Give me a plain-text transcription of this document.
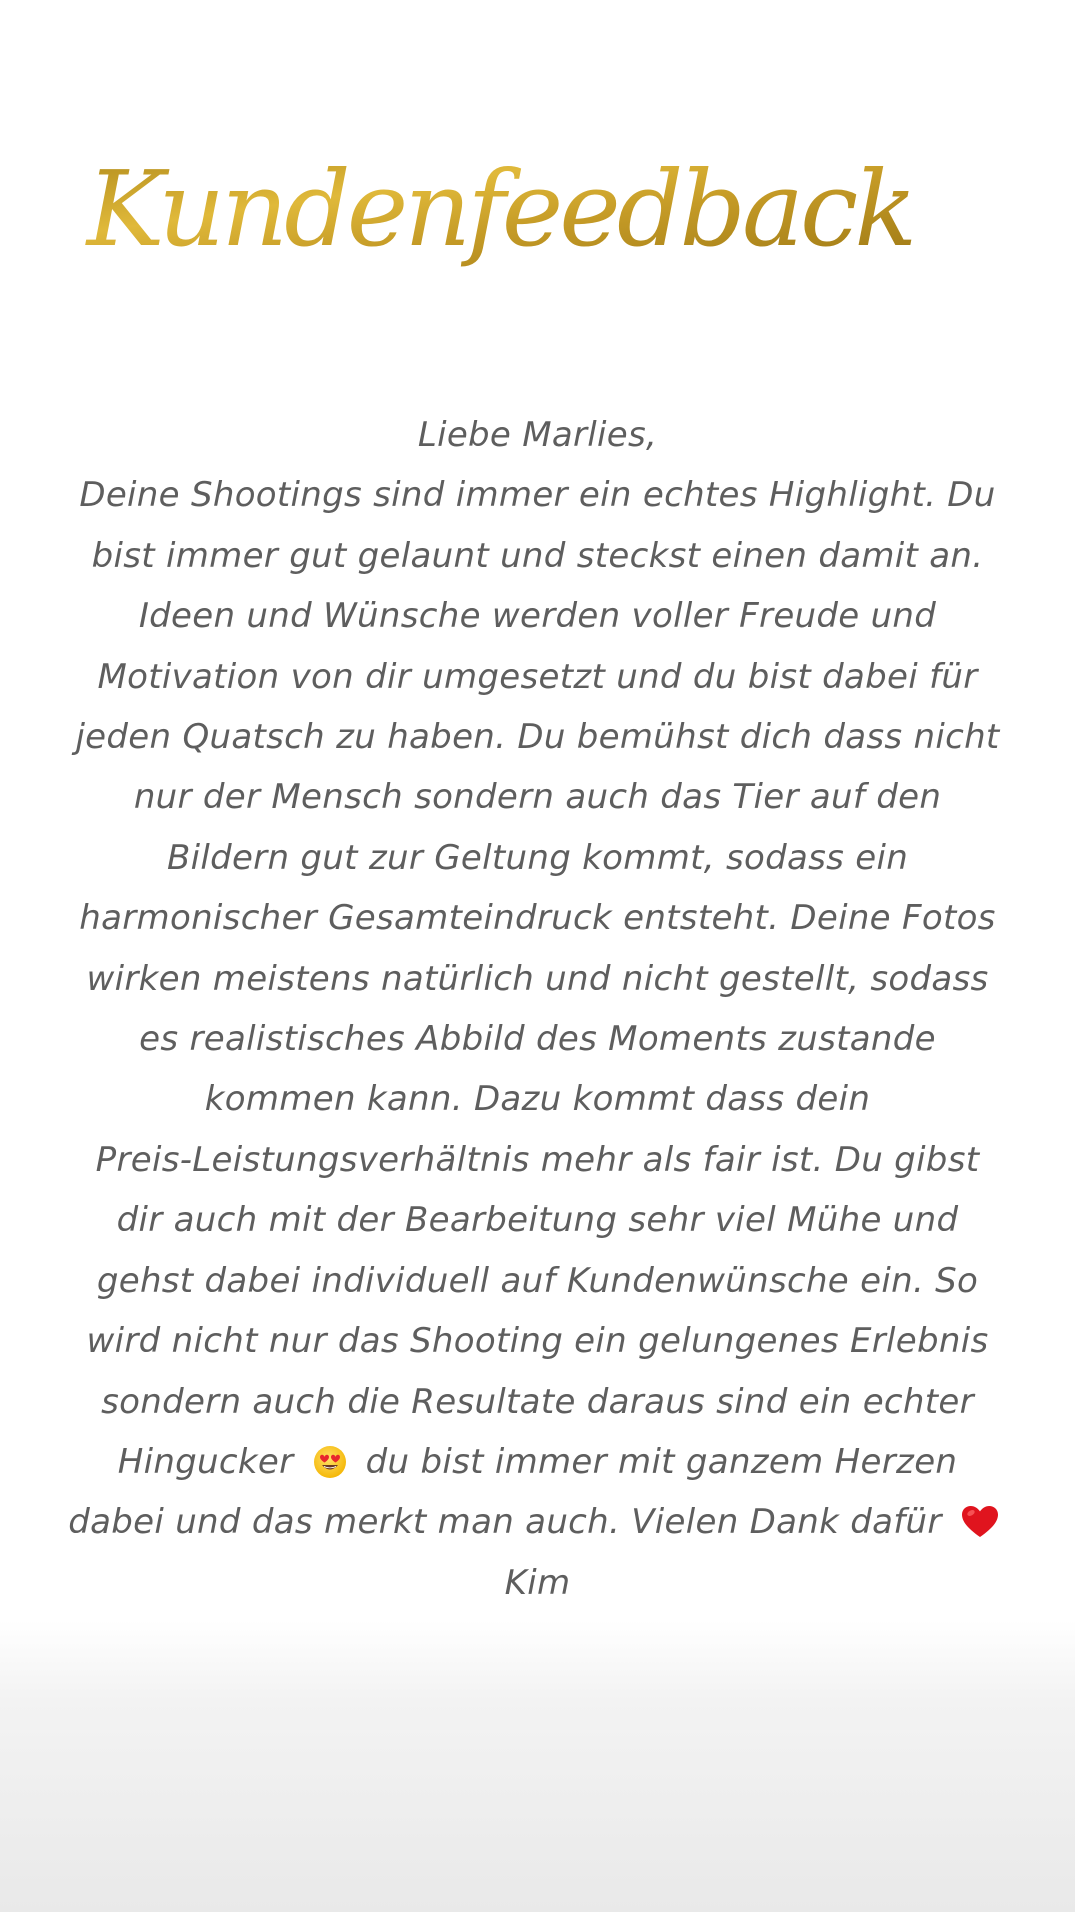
Kundenfeedback
Liebe Marlies,
Deine Shootings sind immer ein echtes Highlight. Du
bist immer gut gelaunt und steckst einen damit an.
Ideen und Wünsche werden voller Freude und
Motivation von dir umgesetzt und du bist dabei für
jeden Quatsch zu haben. Du bemühst dich dass nicht
nur der Mensch sondern auch das Tier auf den
Bildern gut zur Geltung kommt, sodass ein
harmonischer Gesamteindruck entsteht. Deine Fotos
wirken meistens natürlich und nicht gestellt, sodass
es realistisches Abbild des Moments zustande
kommen kann. Dazu kommt dass dein
Preis-Leistungsverhältnis mehr als fair ist. Du gibst
dir auch mit der Bearbeitung sehr viel Mühe und
gehst dabei individuell auf Kundenwünsche ein. So
wird nicht nur das Shooting ein gelungenes Erlebnis
sondern auch die Resultate daraus sind ein echter
Hingucker du bist immer mit ganzem Herzen
dabei und das merkt man auch. Vielen Dank dafür
Kim
